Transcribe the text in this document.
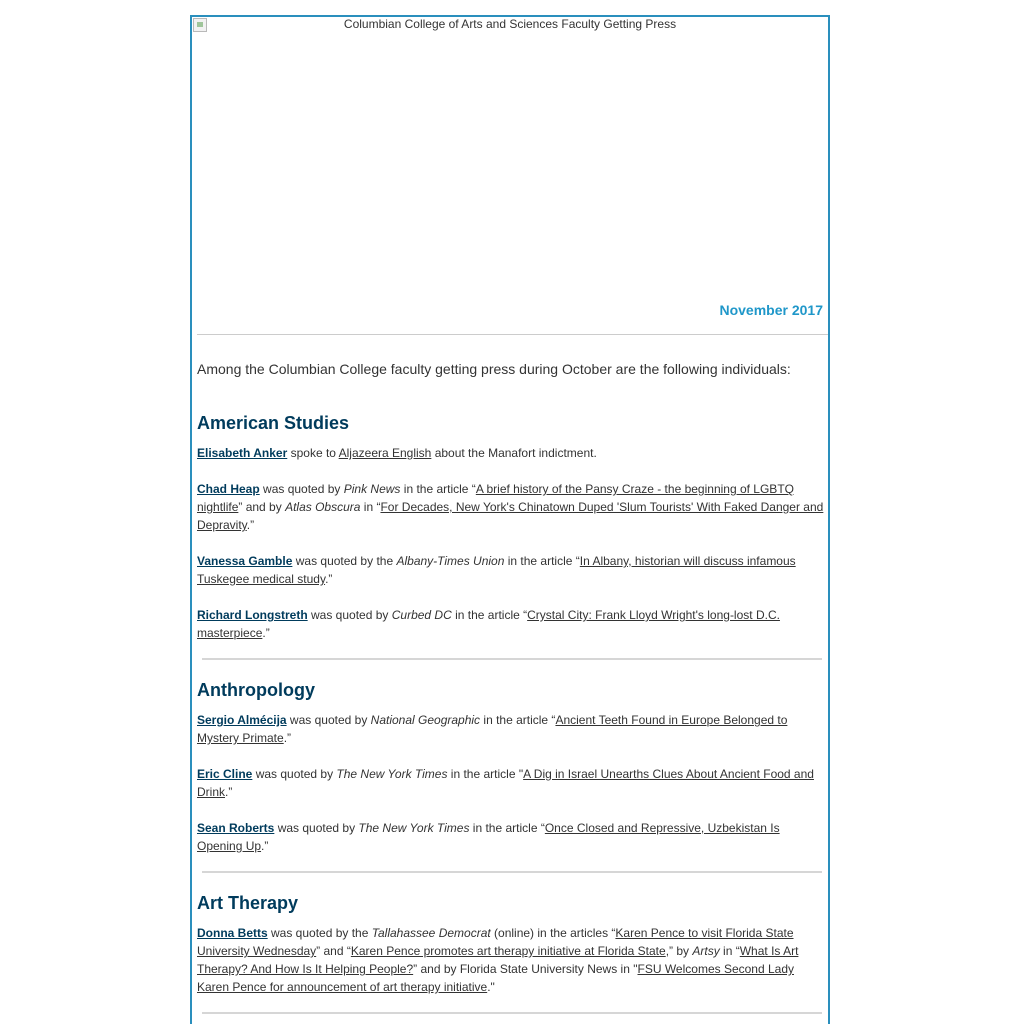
Columbian College of Arts and Sciences Faculty Getting Press
November 2017

Among the Columbian College faculty getting press during October are the following individuals:

American Studies

Elisabeth Anker spoke to Aljazeera English about the Manafort indictment.

Chad Heap was quoted by Pink News in the article “A brief history of the Pansy Craze - the beginning of LGBTQ nightlife” and by Atlas Obscura in “For Decades, New York's Chinatown Duped 'Slum Tourists' With Faked Danger and Depravity.”

Vanessa Gamble was quoted by the Albany-Times Union in the article “In Albany, historian will discuss infamous Tuskegee medical study.”

Richard Longstreth was quoted by Curbed DC in the article “Crystal City: Frank Lloyd Wright's long-lost D.C. masterpiece.”

Anthropology

Sergio Almécija was quoted by National Geographic in the article “Ancient Teeth Found in Europe Belonged to Mystery Primate.”

Eric Cline was quoted by The New York Times in the article "A Dig in Israel Unearths Clues About Ancient Food and Drink.”

Sean Roberts was quoted by The New York Times in the article “Once Closed and Repressive, Uzbekistan Is Opening Up.”

Art Therapy

Donna Betts was quoted by the Tallahassee Democrat (online) in the articles “Karen Pence to visit Florida State University Wednesday” and “Karen Pence promotes art therapy initiative at Florida State,” by Artsy in “What Is Art Therapy? And How Is It Helping People?” and by Florida State University News in "FSU Welcomes Second Lady Karen Pence for announcement of art therapy initiative."
